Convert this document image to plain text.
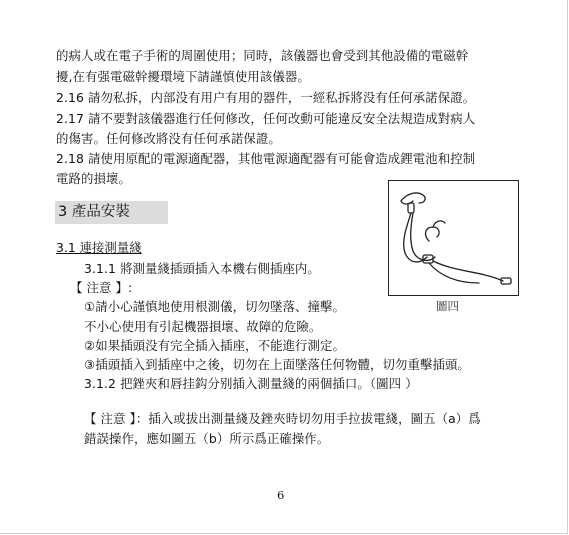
的病人或在電子手術的周圍使用；同時，該儀器也會受到其他設備的電磁幹
擾,在有强電磁幹擾環境下請謹慎使用該儀器。
2.16 請勿私拆，内部没有用户有用的器件，一經私拆將没有任何承諾保證。
2.17 請不要對該儀器進行任何修改，任何改動可能違反安全法規造成對病人
的傷害。任何修改將没有任何承諾保證。
2.18 請使用原配的電源適配器，其他電源適配器有可能會造成鋰電池和控制
電路的損壞。
3 產品安裝
3.1 連接測量綫
3.1.1 將測量綫插頭插入本機右側插座内。
【 注意 】:
①請小心謹慎地使用根測儀，切勿墜落、撞擊。
不小心使用有引起機器損壞、故障的危險。
②如果插頭没有完全插入插座，不能進行測定。
③插頭插入到插座中之後，切勿在上面墜落任何物體，切勿重擊插頭。
3.1.2 把銼夾和唇挂鈎分别插入測量綫的兩個插口。（圖四 ）
【 注意 】：插入或拔出測量綫及銼夾時切勿用手拉拔電綫，圖五（a）爲
錯誤操作，應如圖五（b）所示爲正確操作。
圖四
6
